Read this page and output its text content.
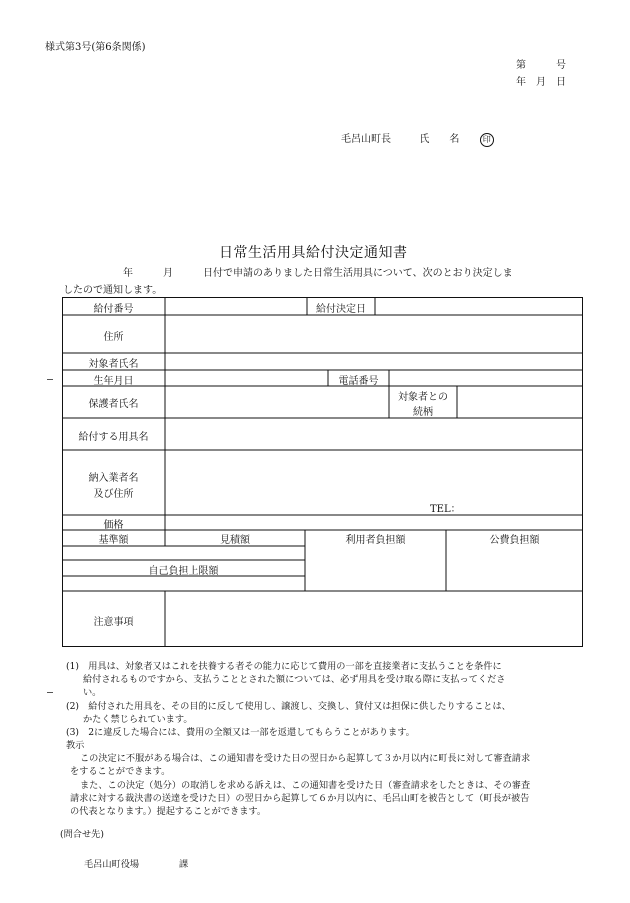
様式第3号(第6条関係)
第　　　号
年　月　日
毛呂山町長	氏　　名	印
日常生活用具給付決定通知書
年　　　月　　　日付で申請のありました日常生活用具について、次のとおり決定しま
したので通知します。
給付番号	給付決定日
住所
対象者氏名
生年月日	電話番号
保護者氏名
対象者との
続柄
給付する用具名
納入業者名
及び住所
TEL：
価格
基準額	見積額	利用者負担額	公費負担額
自己負担上限額
注意事項
(1)　用具は、対象者又はこれを扶養する者その能力に応じて費用の一部を直接業者に支払うことを条件に
給付されるものですから、支払うこととされた額については、必ず用具を受け取る際に支払ってくださ
い。
(2)　給付された用具を、その目的に反して使用し、譲渡し、交換し、貸付又は担保に供したりすることは、
かたく禁じられています。
(3)　2に違反した場合には、費用の全額又は一部を返還してもらうことがあります。
教示
この決定に不服がある場合は、この通知書を受けた日の翌日から起算して３か月以内に町長に対して審査請求
をすることができます。
また、この決定（処分）の取消しを求める訴えは、この通知書を受けた日（審査請求をしたときは、その審査
請求に対する裁決書の送達を受けた日）の翌日から起算して６か月以内に、毛呂山町を被告として（町長が被告
の代表となります。）提起することができます。
(問合せ先)
毛呂山町役場	課
